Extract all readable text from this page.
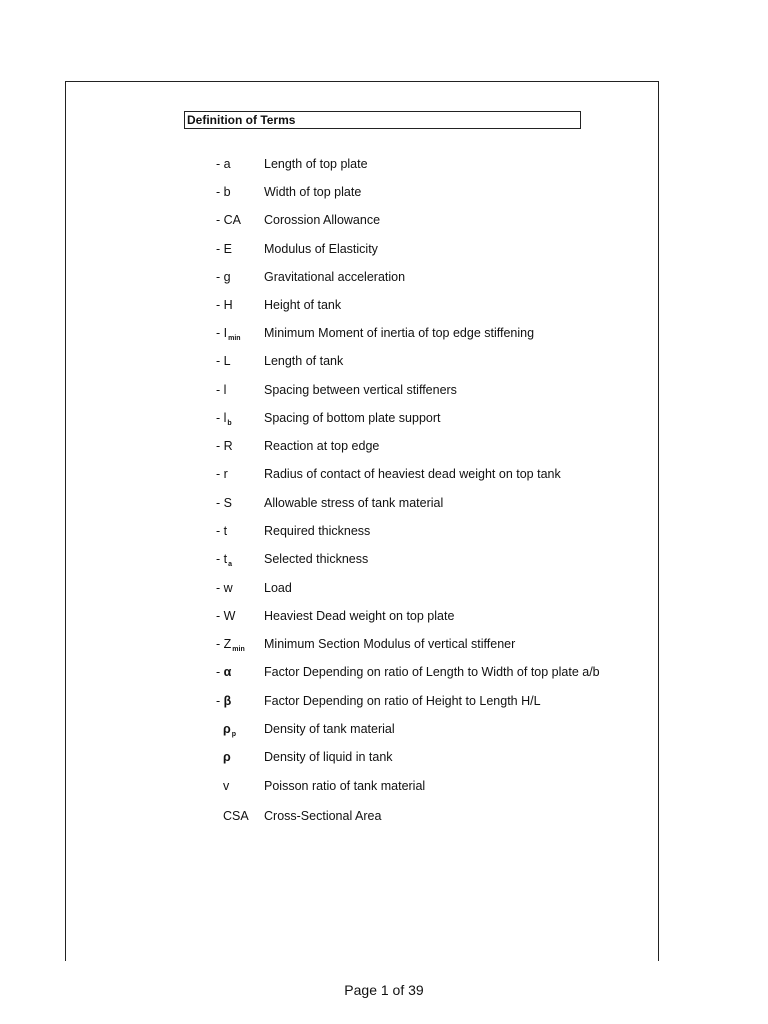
Definition of Terms
- a	Length of top plate
- b	Width of top plate
- CA Corossion Allowance
- E	Modulus of Elasticity
- g	Gravitational acceleration
- H	Height of tank
- $I_{min}$ Minimum Moment of inertia of top edge stiffening
- L	Length of tank
- l	Spacing between vertical stiffeners
- $l_b$	Spacing of bottom plate support
- R	Reaction at top edge
- r	Radius of contact of heaviest dead weight on top tank
- S	Allowable stress of tank material
- t	Required thickness
- $t_a$	Selected thickness
- w	Load
- W Heaviest Dead weight on top plate
- $Z_{min}$ Minimum Section Modulus of vertical stiffener
- α	Factor Depending on ratio of Length to Width of top plate a/b
- β	Factor Depending on ratio of Height to Length H/L
$\rho_p$ Density of tank material
ρ	Density of liquid in tank
v	Poisson ratio of tank material
CSA Cross-Sectional Area
Page 1 of 39
